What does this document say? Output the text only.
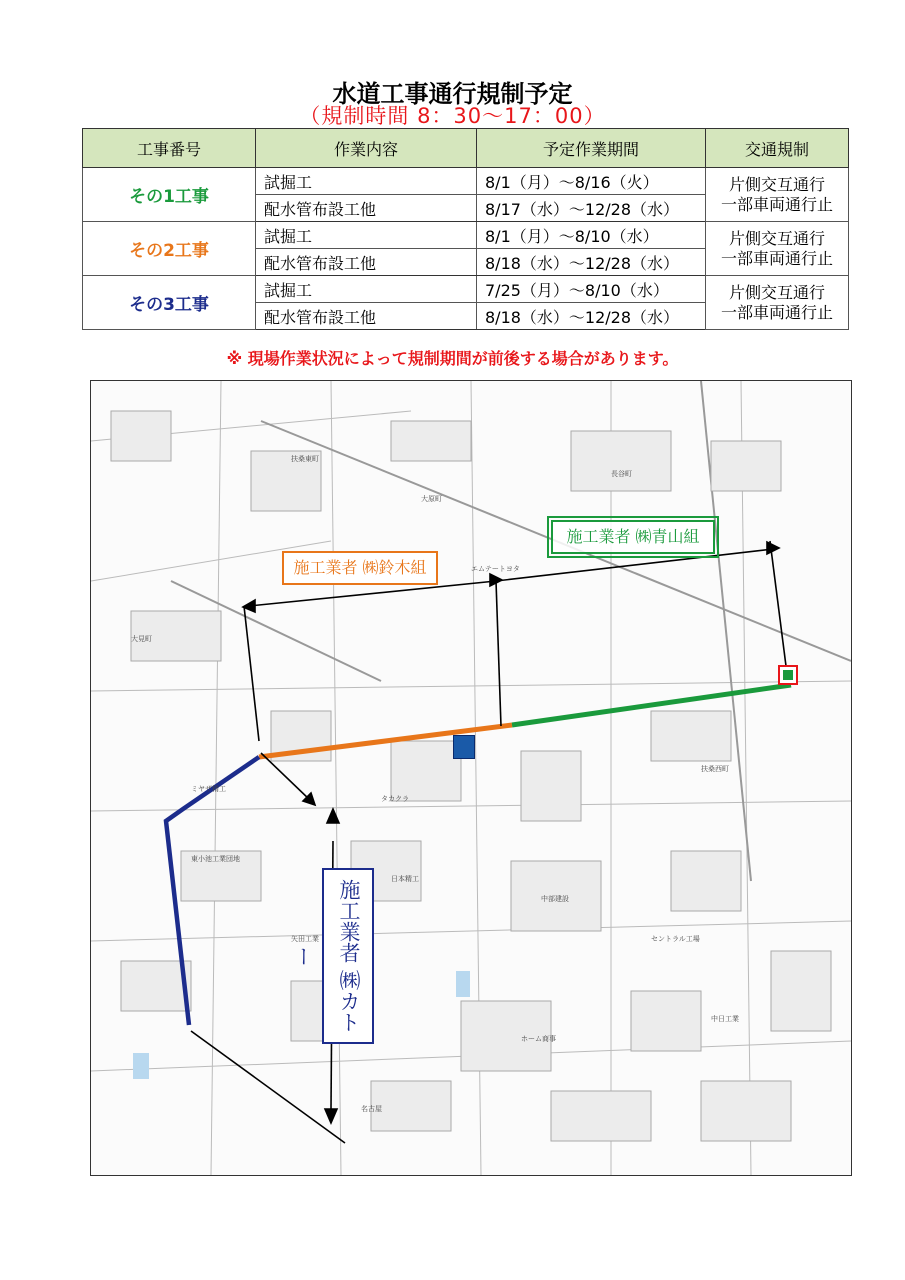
水道工事通行規制予定
（規制時間 8：30〜17：00）
工事番号	作業内容	予定作業期間	交通規制
その1工事	試掘工	8/1（月）〜8/16（火）	片側交互通行
一部車両通行止
	配水管布設工他	8/17（水）〜12/28（水）	
その2工事	試掘工	8/1（月）〜8/10（水）	片側交互通行
一部車両通行止
	配水管布設工他	8/18（水）〜12/28（水）	
その3工事	試掘工	7/25（月）〜8/10（水）	片側交互通行
一部車両通行止
	配水管布設工他	8/18（水）〜12/28（水）	
※ 現場作業状況によって規制期間が前後する場合があります。
扶桑東町
大原町
長谷町
ミヤザ精工
エムテートヨタ
大見町
扶桑西町
日本精工
中部建設
矢田工業
タカクラ
セントラル工場
ホーム商事
中日工業
東小池工業団地
名古屋
施工業者 ㈱鈴木組
施工業者 ㈱青山組
施工業者 ㈱カトー
